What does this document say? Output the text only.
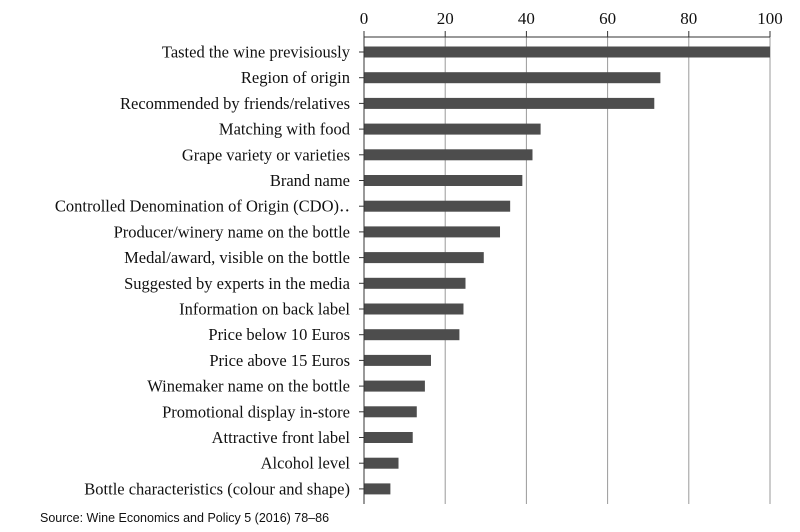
0	20	40	60	80	100
Tasted the wine previsiously
Region of origin
Recommended by friends/relatives
Matching with food
Grape variety or varieties
Brand name
Controlled Denomination of Origin (CDO)‥
Producer/winery name on the bottle
Medal/award, visible on the bottle
Suggested by experts in the media
Information on back label
Price below 10 Euros
Price above 15 Euros
Winemaker name on the bottle
Promotional display in-store
Attractive front label
Alcohol level
Bottle characteristics (colour and shape)
Source: Wine Economics and Policy 5 (2016) 78–86
